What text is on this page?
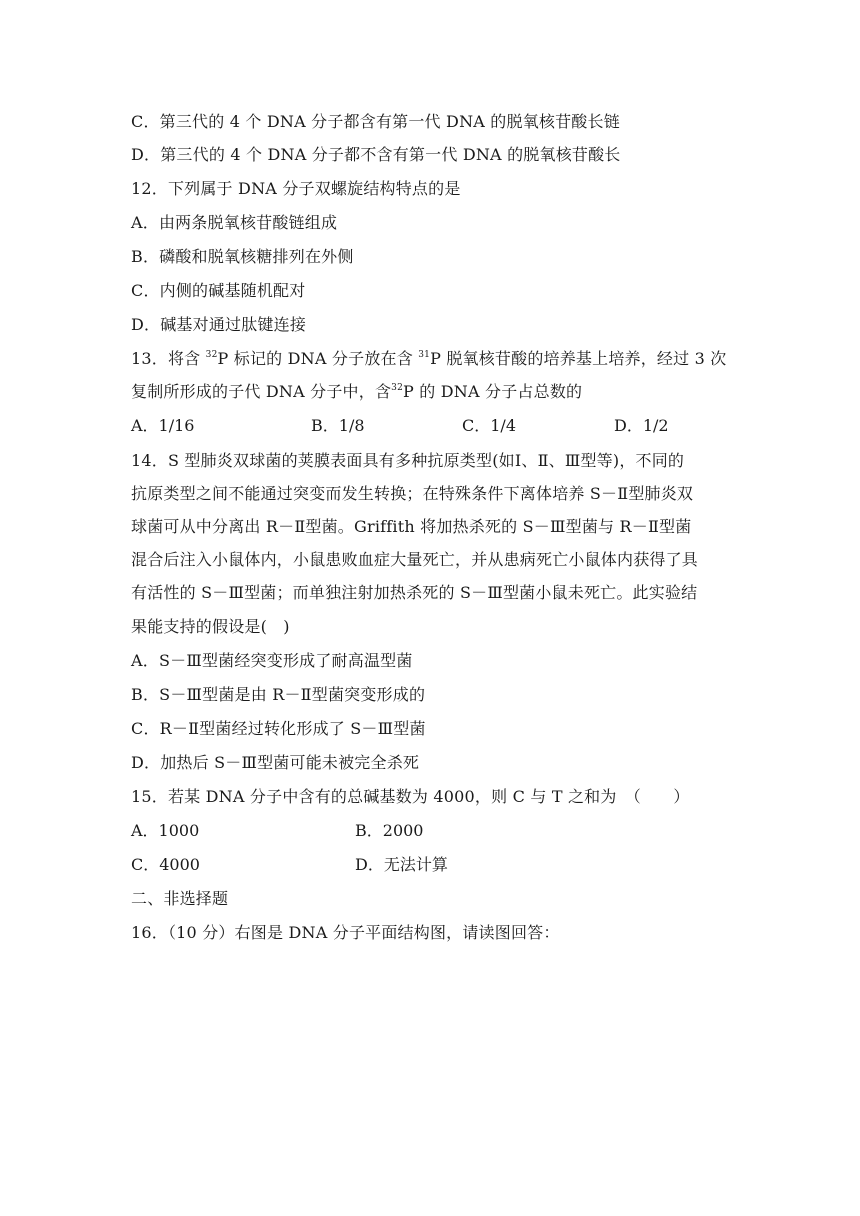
C．第三代的 4 个 DNA 分子都含有第一代 DNA 的脱氧核苷酸长链
D．第三代的 4 个 DNA 分子都不含有第一代 DNA 的脱氧核苷酸长
12．下列属于 DNA 分子双螺旋结构特点的是
A．由两条脱氧核苷酸链组成
B．磷酸和脱氧核糖排列在外侧
C．内侧的碱基随机配对
D．碱基对通过肽键连接
13．将含 $^{32}$P 标记的 DNA 分子放在含 $^{31}$P 脱氧核苷酸的培养基上培养，经过 3 次
复制所形成的子代 DNA 分子中，含$^{32}$P 的 DNA 分子占总数的
A．1/16	B．1/8	C．1/4	D．1/2
14．S 型肺炎双球菌的荚膜表面具有多种抗原类型(如Ⅰ、Ⅱ、Ⅲ型等)，不同的
抗原类型之间不能通过突变而发生转换；在特殊条件下离体培养 S－Ⅱ型肺炎双
球菌可从中分离出 R－Ⅱ型菌。Griffith 将加热杀死的 S－Ⅲ型菌与 R－Ⅱ型菌
混合后注入小鼠体内，小鼠患败血症大量死亡，并从患病死亡小鼠体内获得了具
有活性的 S－Ⅲ型菌；而单独注射加热杀死的 S－Ⅲ型菌小鼠未死亡。此实验结
果能支持的假设是(　)
A．S－Ⅲ型菌经突变形成了耐高温型菌
B．S－Ⅲ型菌是由 R－Ⅱ型菌突变形成的
C．R－Ⅱ型菌经过转化形成了 S－Ⅲ型菌
D．加热后 S－Ⅲ型菌可能未被完全杀死
15．若某 DNA 分子中含有的总碱基数为 4000，则 C 与 T 之和为　（　　）
A．1000	B．2000
C．4000	D．无法计算
二、非选择题
16．（10 分）右图是 DNA 分子平面结构图，请读图回答：
